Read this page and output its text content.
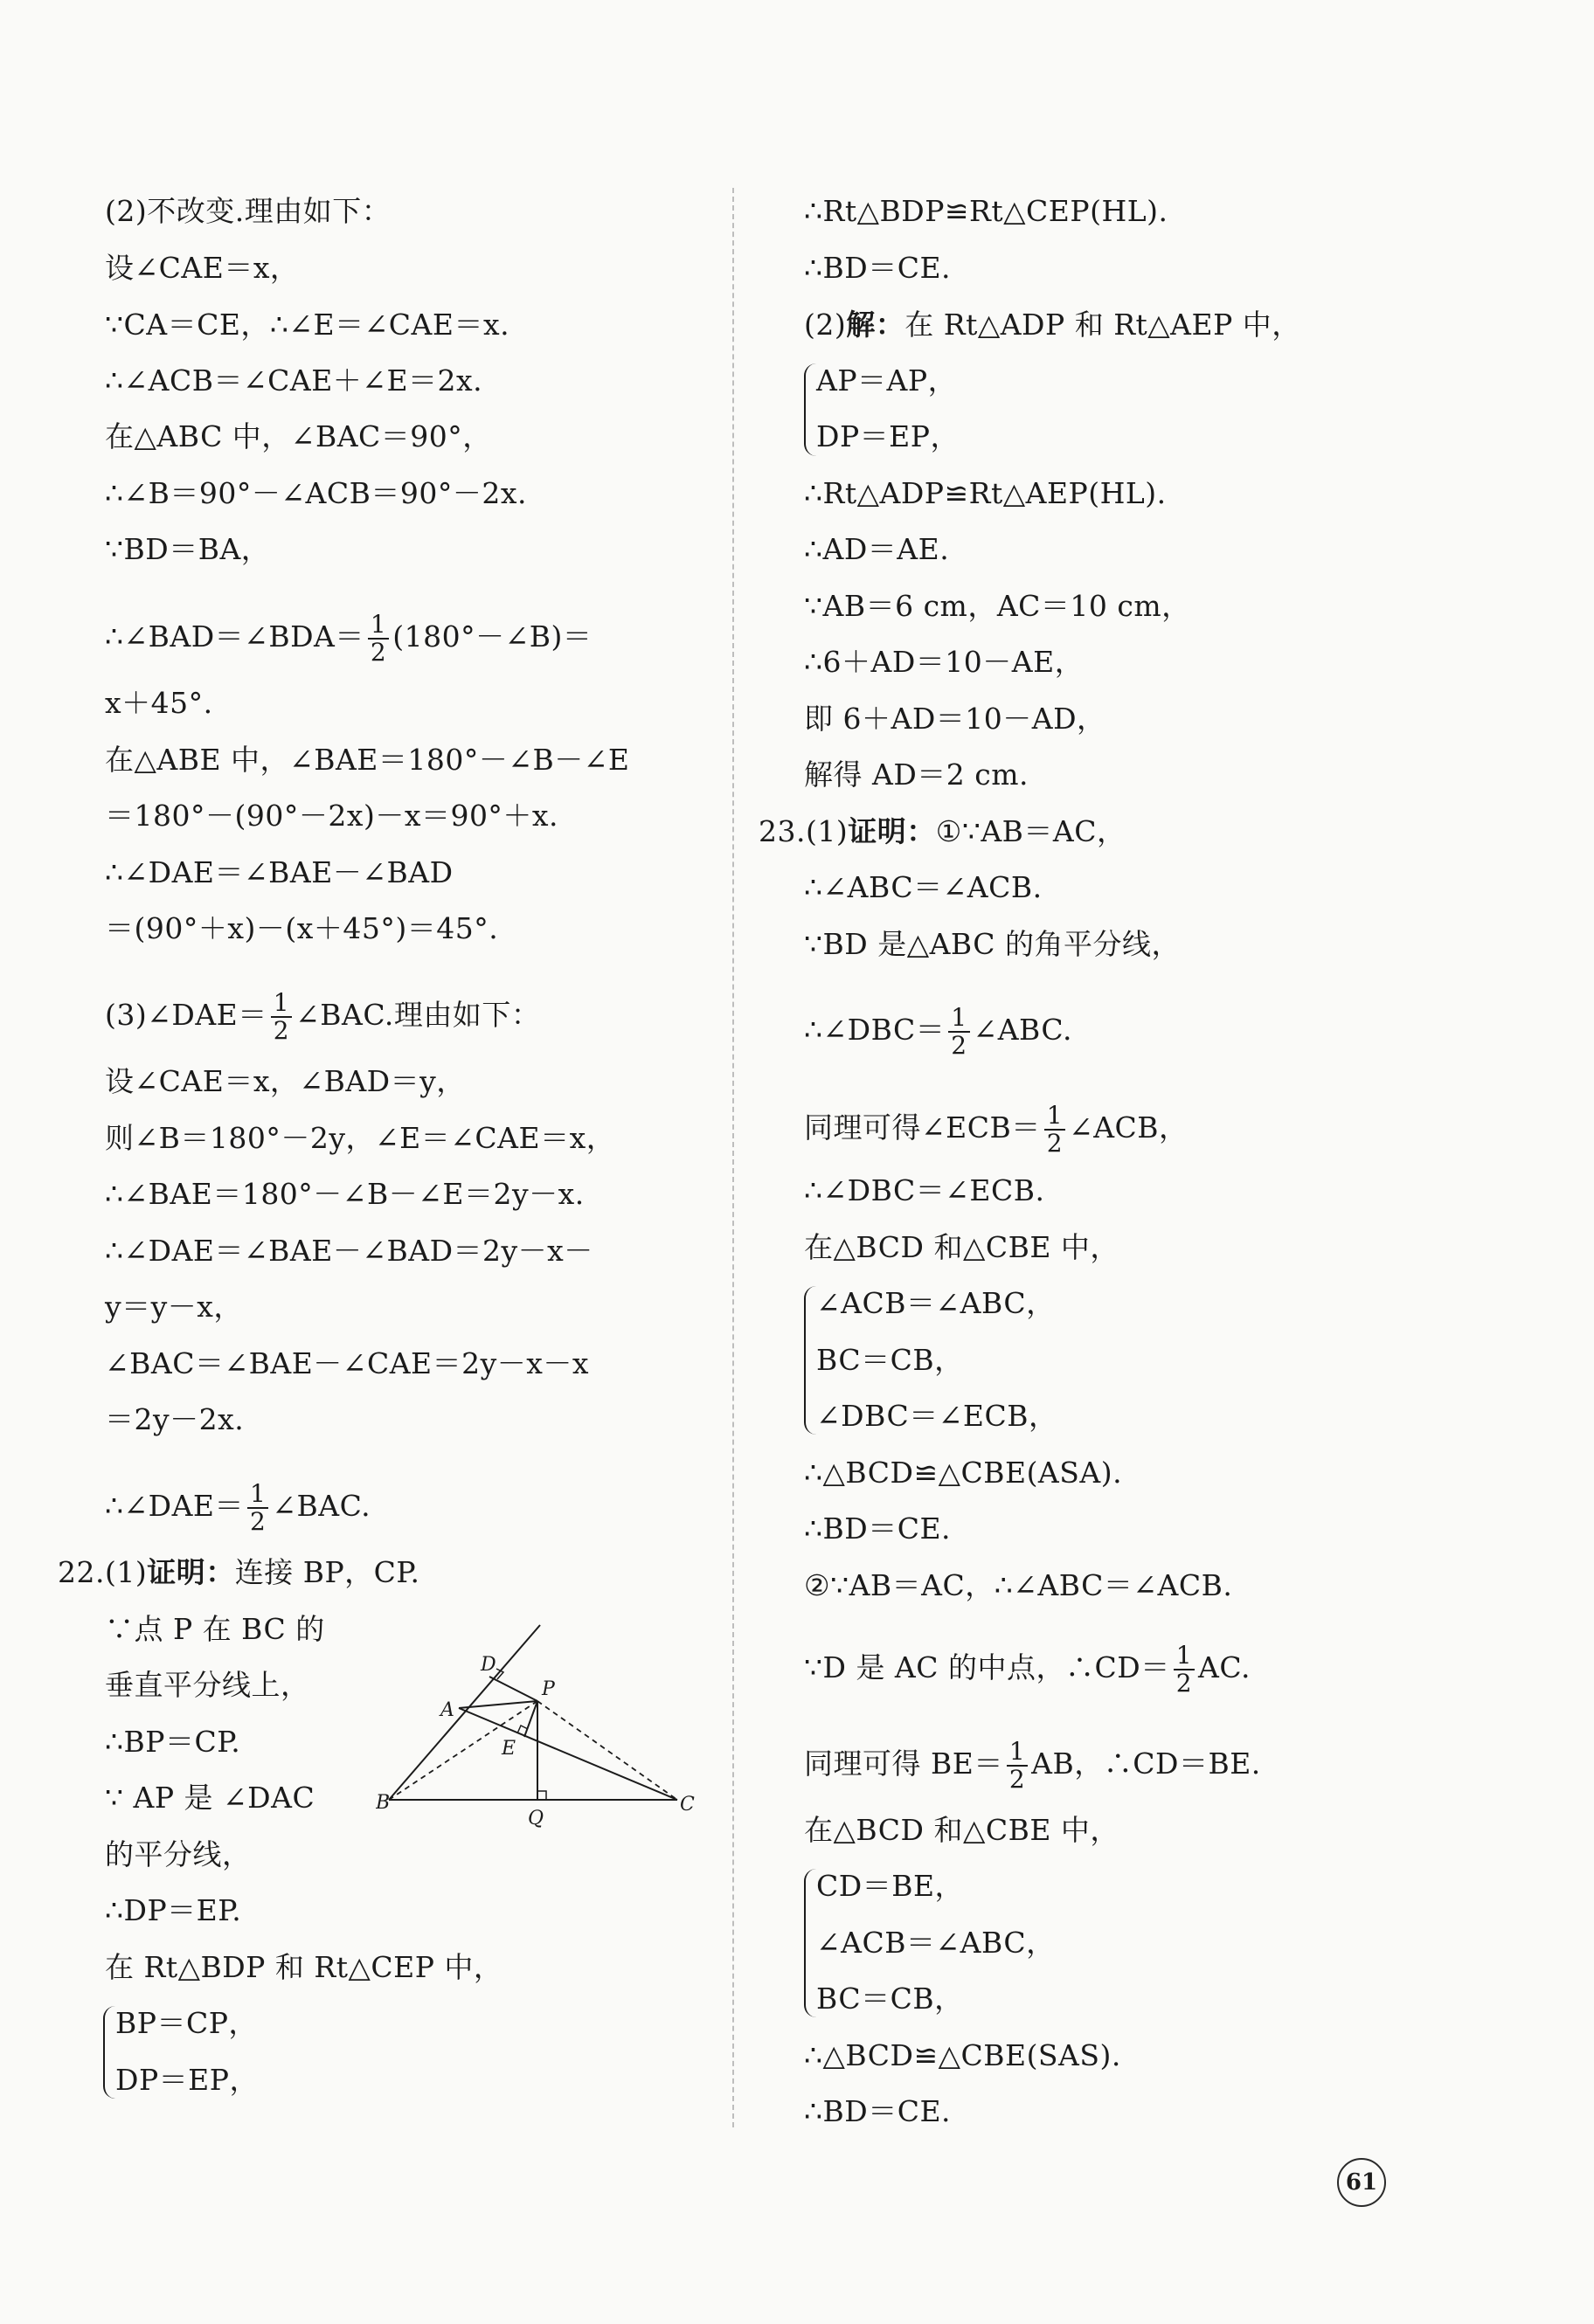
(2)不改变.理由如下：
设∠CAE＝x，
∵CA＝CE，∴∠E＝∠CAE＝x.
∴∠ACB＝∠CAE＋∠E＝2x.
在△ABC 中，∠BAC＝90°，
∴∠B＝90°－∠ACB＝90°－2x.
∵BD＝BA，
∴∠BAD＝∠BDA＝ $\frac{1}{2}$ (180°－∠B)＝
x＋45°.
在△ABE 中，∠BAE＝180°－∠B－∠E
＝180°－(90°－2x)－x＝90°＋x.
∴∠DAE＝∠BAE－∠BAD
＝(90°＋x)－(x＋45°)＝45°.
(3)∠DAE＝ $\frac{1}{2}$ ∠BAC.理由如下：
设∠CAE＝x，∠BAD＝y，
则∠B＝180°－2y，∠E＝∠CAE＝x，
∴∠BAE＝180°－∠B－∠E＝2y－x.
∴∠DAE＝∠BAE－∠BAD＝2y－x－
y＝y－x，
∠BAC＝∠BAE－∠CAE＝2y－x－x
＝2y－2x.
∴∠DAE＝ $\frac{1}{2}$ ∠BAC.
22.(1)证明：连接 BP，CP.
∵点 P 在 BC 的
垂直平分线上，
∴BP＝CP.
∵ AP 是 ∠DAC
的平分线，
∴DP＝EP.
在 Rt△BDP 和 Rt△CEP 中，
BP＝CP，
DP＝EP，
D
A
P
E
B
Q
C
∴Rt△BDP≌Rt△CEP(HL).
∴BD＝CE.
(2)解：在 Rt△ADP 和 Rt△AEP 中，
AP＝AP，
DP＝EP，
∴Rt△ADP≌Rt△AEP(HL).
∴AD＝AE.
∵AB＝6 cm，AC＝10 cm，
∴6＋AD＝10－AE，
即 6＋AD＝10－AD，
解得 AD＝2 cm.
23.(1)证明：①∵AB＝AC，
∴∠ABC＝∠ACB.
∵BD 是△ABC 的角平分线，
∴∠DBC＝ $\frac{1}{2}$ ∠ABC.
同理可得∠ECB＝ $\frac{1}{2}$ ∠ACB，
∴∠DBC＝∠ECB.
在△BCD 和△CBE 中，
∠ACB＝∠ABC，
BC＝CB，
∠DBC＝∠ECB，
∴△BCD≌△CBE(ASA).
∴BD＝CE.
②∵AB＝AC，∴∠ABC＝∠ACB.
∵D 是 AC 的中点，∴CD＝ $\frac{1}{2}$ AC.
同理可得 $BE= \frac{1}{2}$ AB，∴CD＝BE.
在△BCD 和△CBE 中，
CD＝BE，
∠ACB＝∠ABC，
BC＝CB，
∴△BCD≌△CBE(SAS).
∴BD＝CE.
61
